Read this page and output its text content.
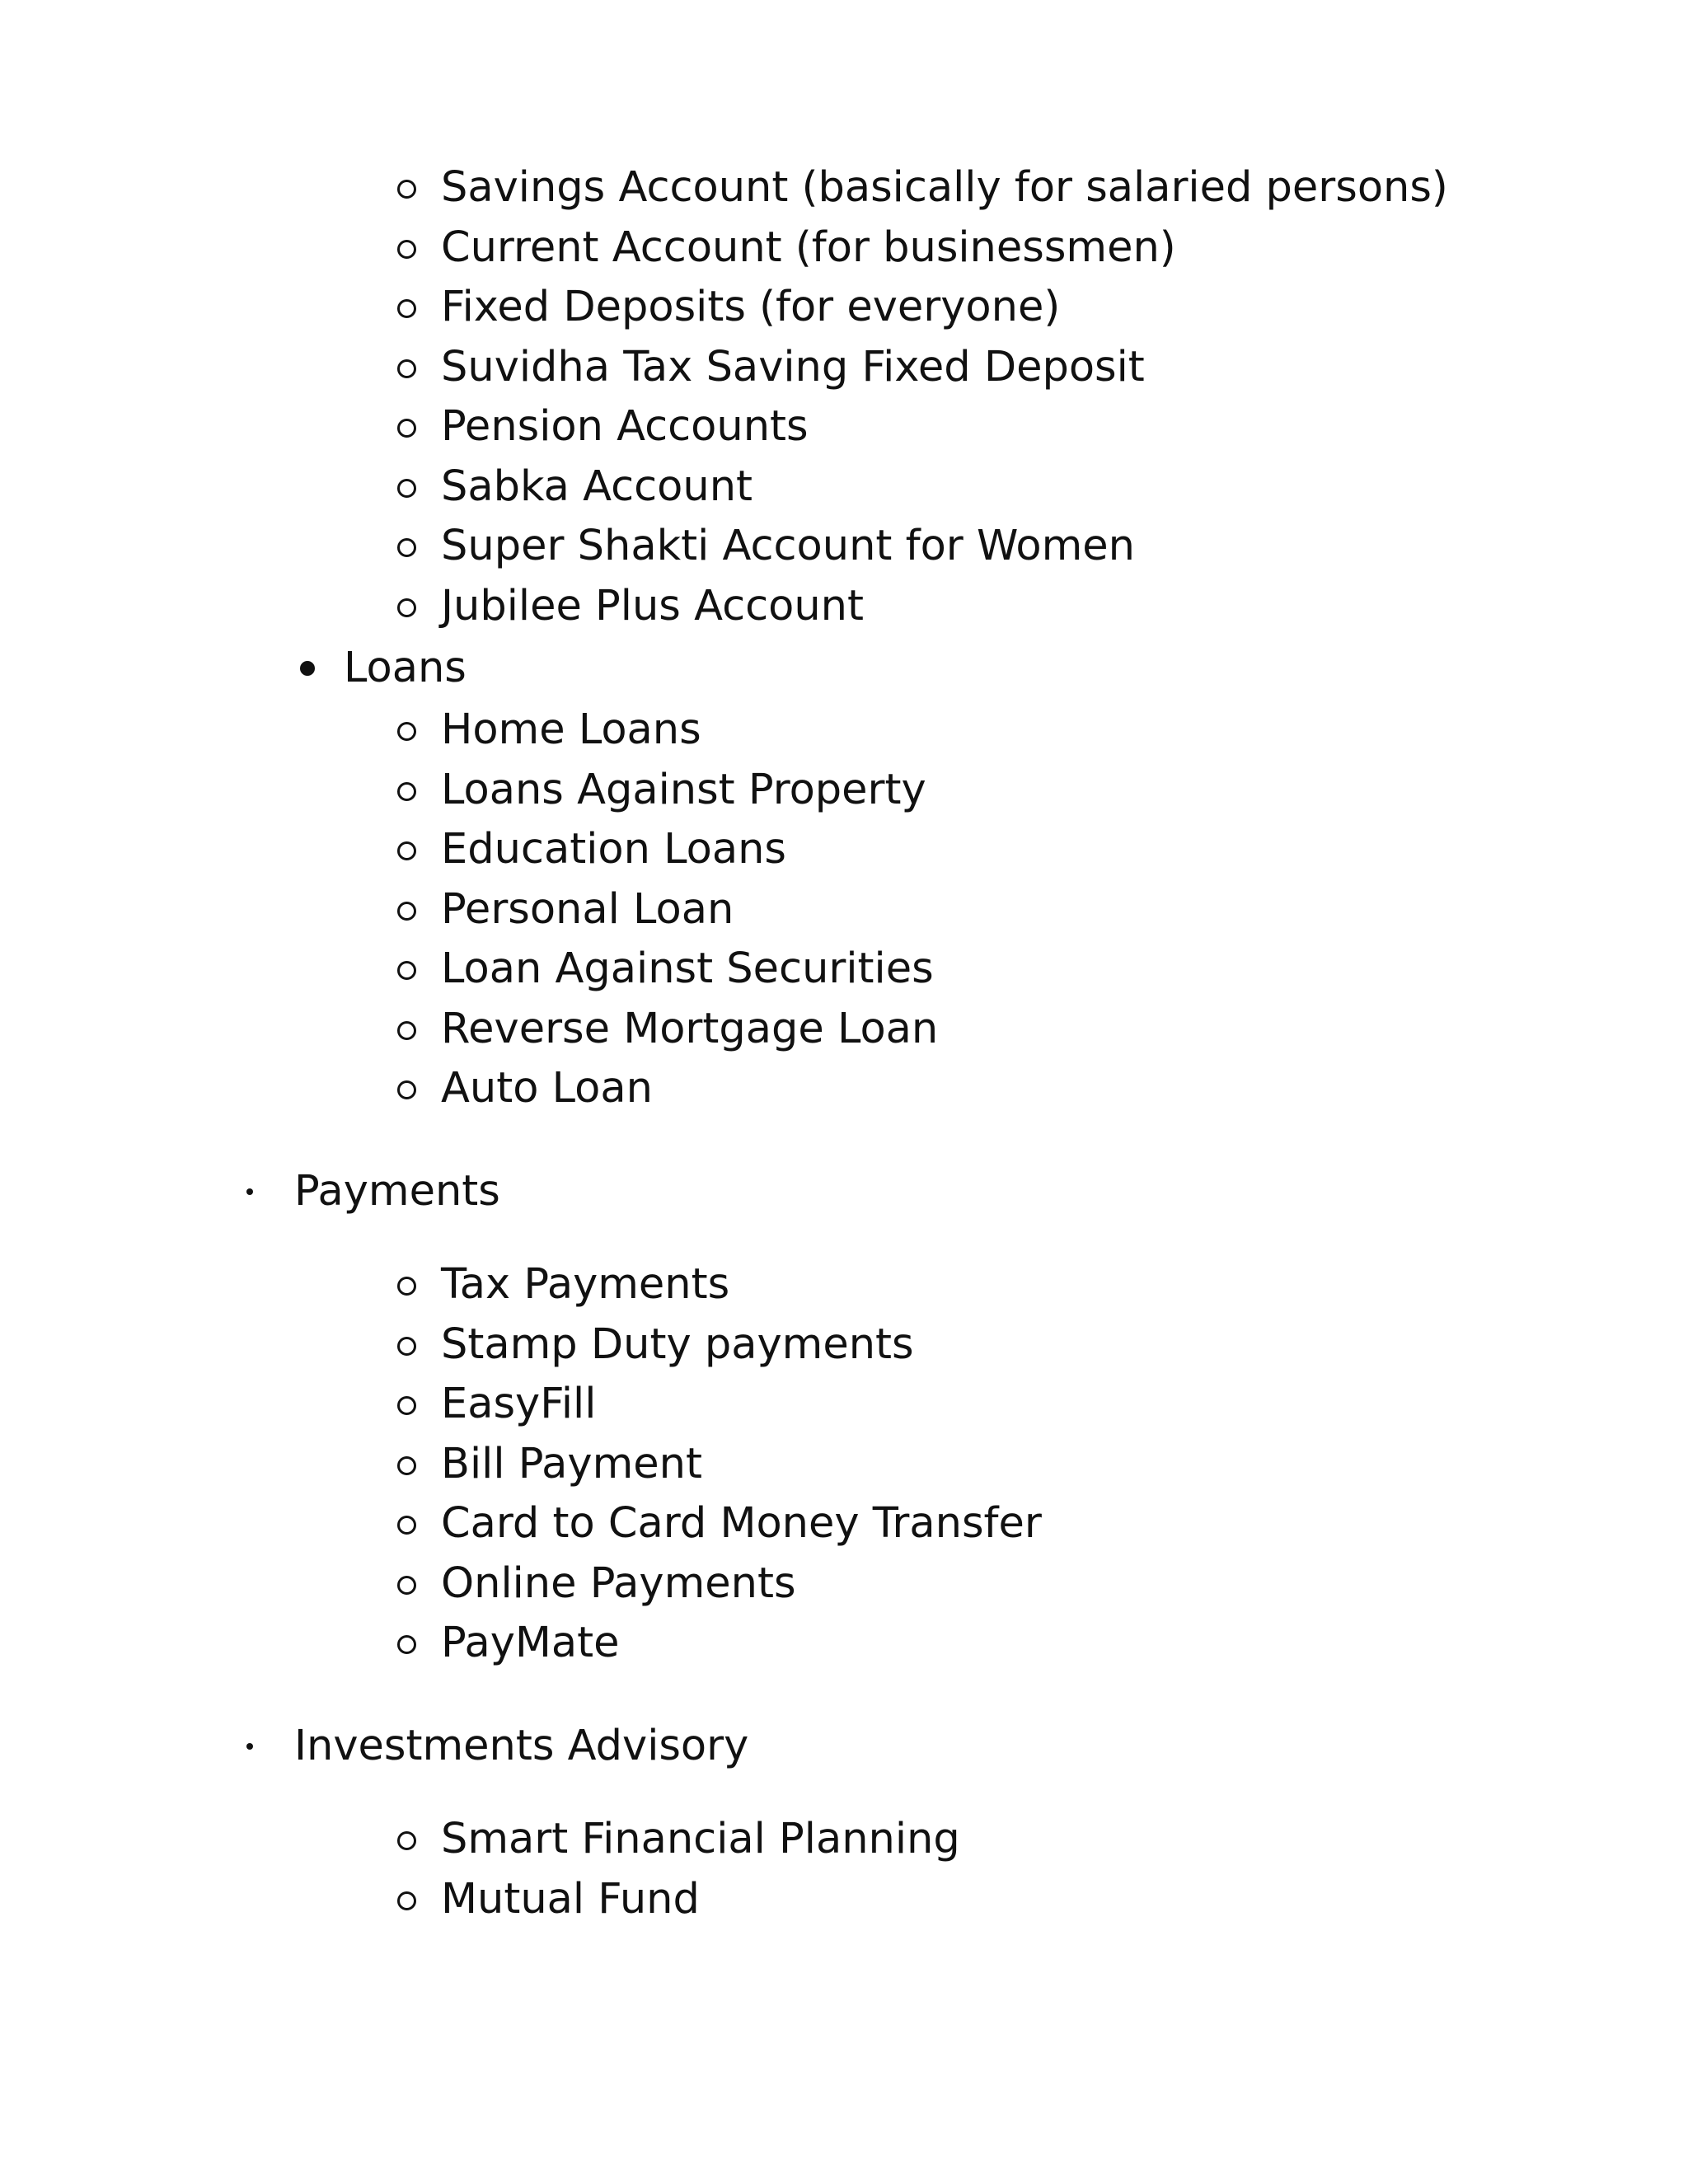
Savings Account (basically for salaried persons)
Current Account (for businessmen)
Fixed Deposits (for everyone)
Suvidha Tax Saving Fixed Deposit
Pension Accounts
Sabka Account
Super Shakti Account for Women
Jubilee Plus Account
Loans
Home Loans
Loans Against Property
Education Loans
Personal Loan
Loan Against Securities
Reverse Mortgage Loan
Auto Loan
Payments
Tax Payments
Stamp Duty payments
EasyFill
Bill Payment
Card to Card Money Transfer
Online Payments
PayMate
Investments Advisory
Smart Financial Planning
Mutual Fund
